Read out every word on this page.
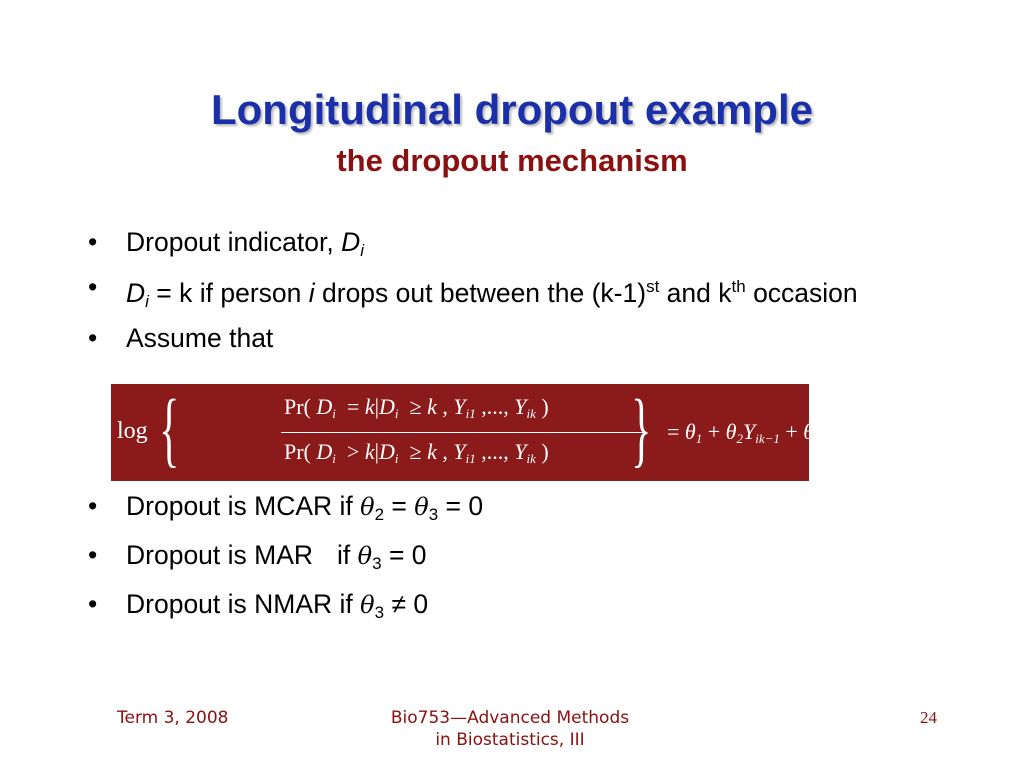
Longitudinal dropout example
the dropout mechanism
• Dropout indicator, $D_i$
• $D_i = k$ if person i drops out between the $(k-1)^{st}$ and $k^{th}$ occasion
• Assume that
log {	Pr( Di  = k|Di  ≥ k , Yi1 ,..., Yik )
Pr( Di  > k|Di  ≥ k , Yi1 ,..., Yik ) } = θ1 + θ2Yik−1 + θ3Yik
• Dropout is MCAR if $\theta_2 = \theta_3 = 0$
• Dropout is MAR if $\theta_3 = 0$
• Dropout is NMAR if $\theta_3 \ne 0$
Term 3, 2008	Bio753—Advanced Methods
in Biostatistics, III
24
